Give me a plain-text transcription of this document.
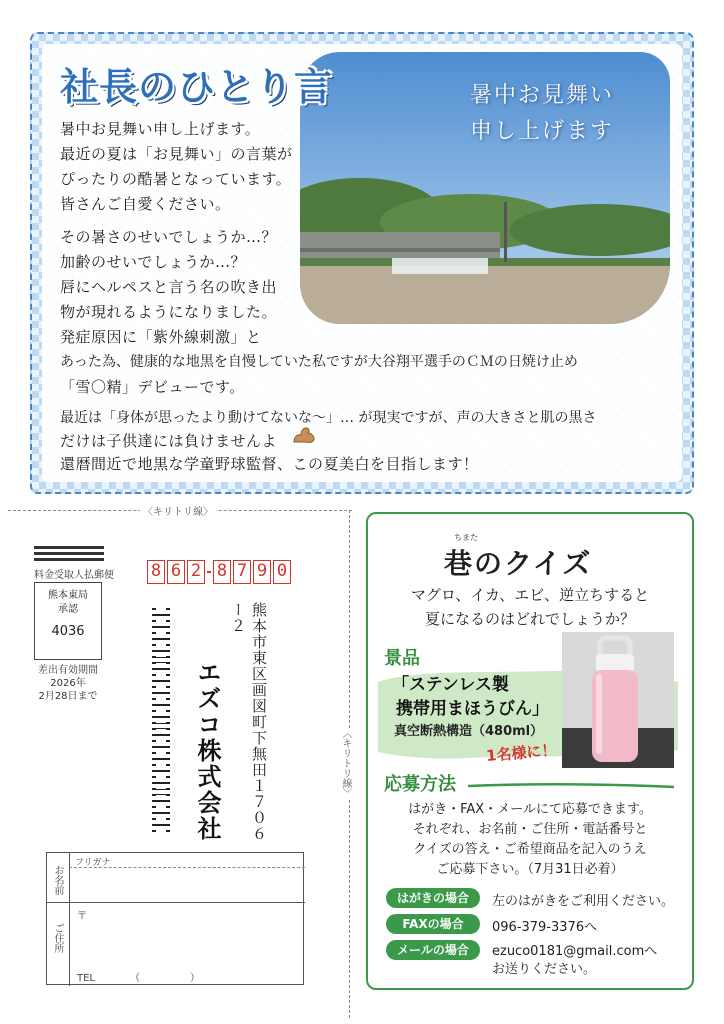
社長のひとり言	暑中お見舞い
申し上げます
暑中お見舞い申し上げます。
最近の夏は「お見舞い」の言葉が
ぴったりの酷暑となっています。
皆さんご自愛ください。
その暑さのせいでしょうか…？
加齢のせいでしょうか…？
唇にヘルペスと言う名の吹き出
物が現れるようになりました。
発症原因に「紫外線刺激」と
あった為、健康的な地黒を自慢していた私ですが大谷翔平選手のＣＭの日焼け止め
「雪〇精」デビューです。
最近は「身体が思ったより動けてないな～」… が現実ですが、声の大きさと肌の黒さ
だけは子供達には負けませんよ
還暦間近で地黒な学童野球監督、この夏美白を目指します！
〈キリトリ線〉
〈キリトリ線〉
料金受取人払郵便
熊本東局
承認
4036
差出有効期間
2026年
2月28日まで
8 6 2 8 7 9 0
エズコ株式会社	熊本市東区画図町下無田１７０６ー２
お名前
フリガナ
ご住所
〒
TEL　　　　（　　　　　）
ちまた
巷のクイズ
マグロ、イカ、エビ、逆立ちすると
夏になるのはどれでしょうか？
景品
「ステンレス製
携帯用まほうびん」
真空断熱構造（480ml）
1名様に！
応募方法
はがき・FAX・メールにて応募できます。
それぞれ、お名前・ご住所・電話番号と
クイズの答え・ご希望商品を記入のうえ
ご応募下さい。（7月31日必着）
はがきの場合	左のはがきをご利用ください。
FAXの場合	096-379-3376へ
メールの場合	ezuco0181@gmail.comへ
お送りください。
